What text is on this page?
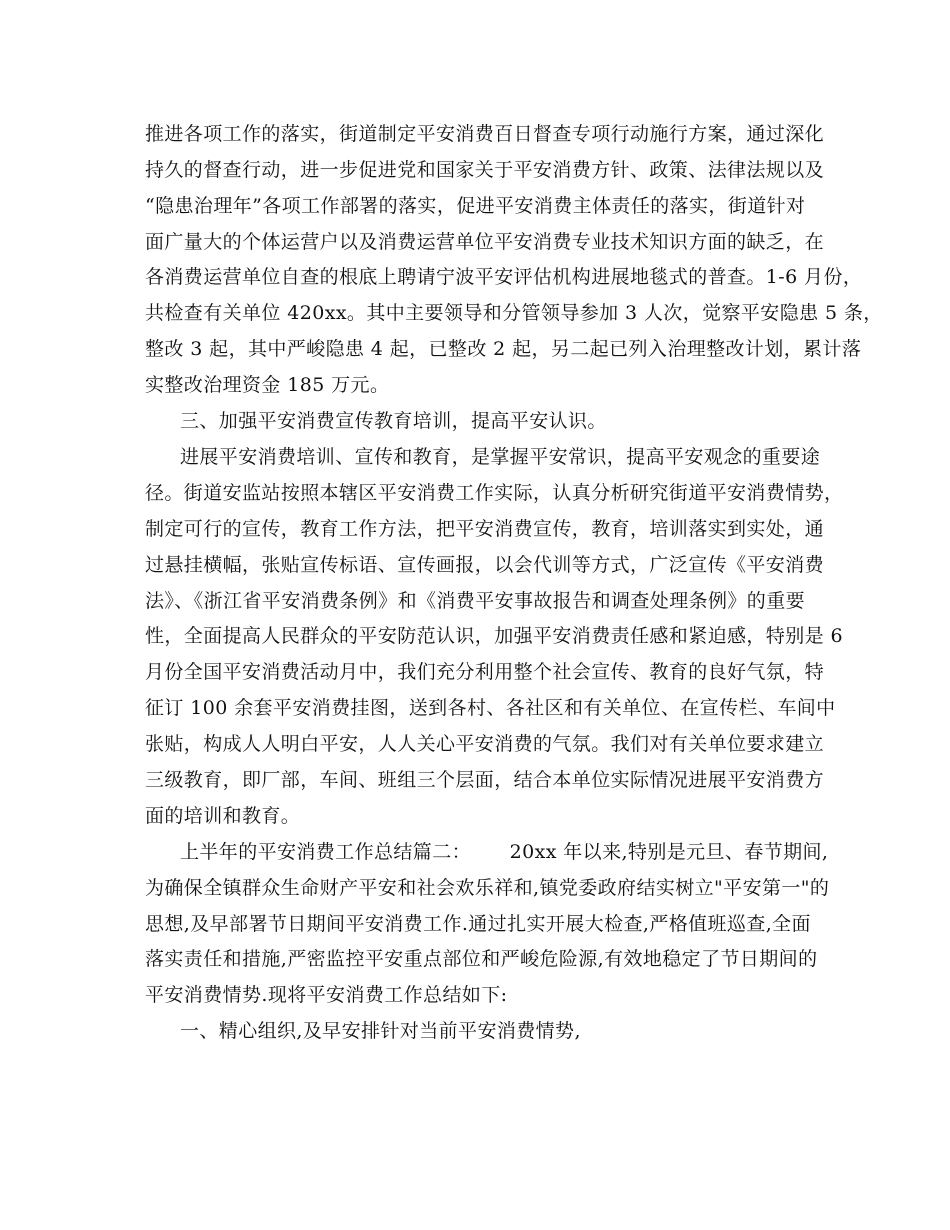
推进各项工作的落实，街道制定平安消费百日督查专项行动施行方案，通过深化
持久的督查行动，进一步促进党和国家关于平安消费方针、政策、法律法规以及
“隐患治理年”各项工作部署的落实，促进平安消费主体责任的落实，街道针对
面广量大的个体运营户以及消费运营单位平安消费专业技术知识方面的缺乏，在
各消费运营单位自查的根底上聘请宁波平安评估机构进展地毯式的普查。1-6 月份，
共检查有关单位 420xx。其中主要领导和分管领导参加 3 人次，觉察平安隐患 5 条，
整改 3 起，其中严峻隐患 4 起，已整改 2 起，另二起已列入治理整改计划，累计落
实整改治理资金 185 万元。
三、加强平安消费宣传教育培训，提高平安认识。
进展平安消费培训、宣传和教育，是掌握平安常识，提高平安观念的重要途
径。街道安监站按照本辖区平安消费工作实际，认真分析研究街道平安消费情势，
制定可行的宣传，教育工作方法，把平安消费宣传，教育，培训落实到实处，通
过悬挂横幅，张贴宣传标语、宣传画报，以会代训等方式，广泛宣传《平安消费
法》、《浙江省平安消费条例》和《消费平安事故报告和调查处理条例》的重要
性，全面提高人民群众的平安防范认识，加强平安消费责任感和紧迫感，特别是 6
月份全国平安消费活动月中，我们充分利用整个社会宣传、教育的良好气氛，特
征订 100 余套平安消费挂图，送到各村、各社区和有关单位、在宣传栏、车间中
张贴，构成人人明白平安，人人关心平安消费的气氛。我们对有关单位要求建立
三级教育，即厂部，车间、班组三个层面，结合本单位实际情况进展平安消费方
面的培训和教育。
上半年的平安消费工作总结篇二：      20xx 年以来,特别是元旦、春节期间,
为确保全镇群众生命财产平安和社会欢乐祥和,镇党委政府结实树立"平安第一"的
思想,及早部署节日期间平安消费工作.通过扎实开展大检查,严格值班巡查,全面
落实责任和措施,严密监控平安重点部位和严峻危险源,有效地稳定了节日期间的
平安消费情势.现将平安消费工作总结如下:
一、精心组织,及早安排针对当前平安消费情势,
